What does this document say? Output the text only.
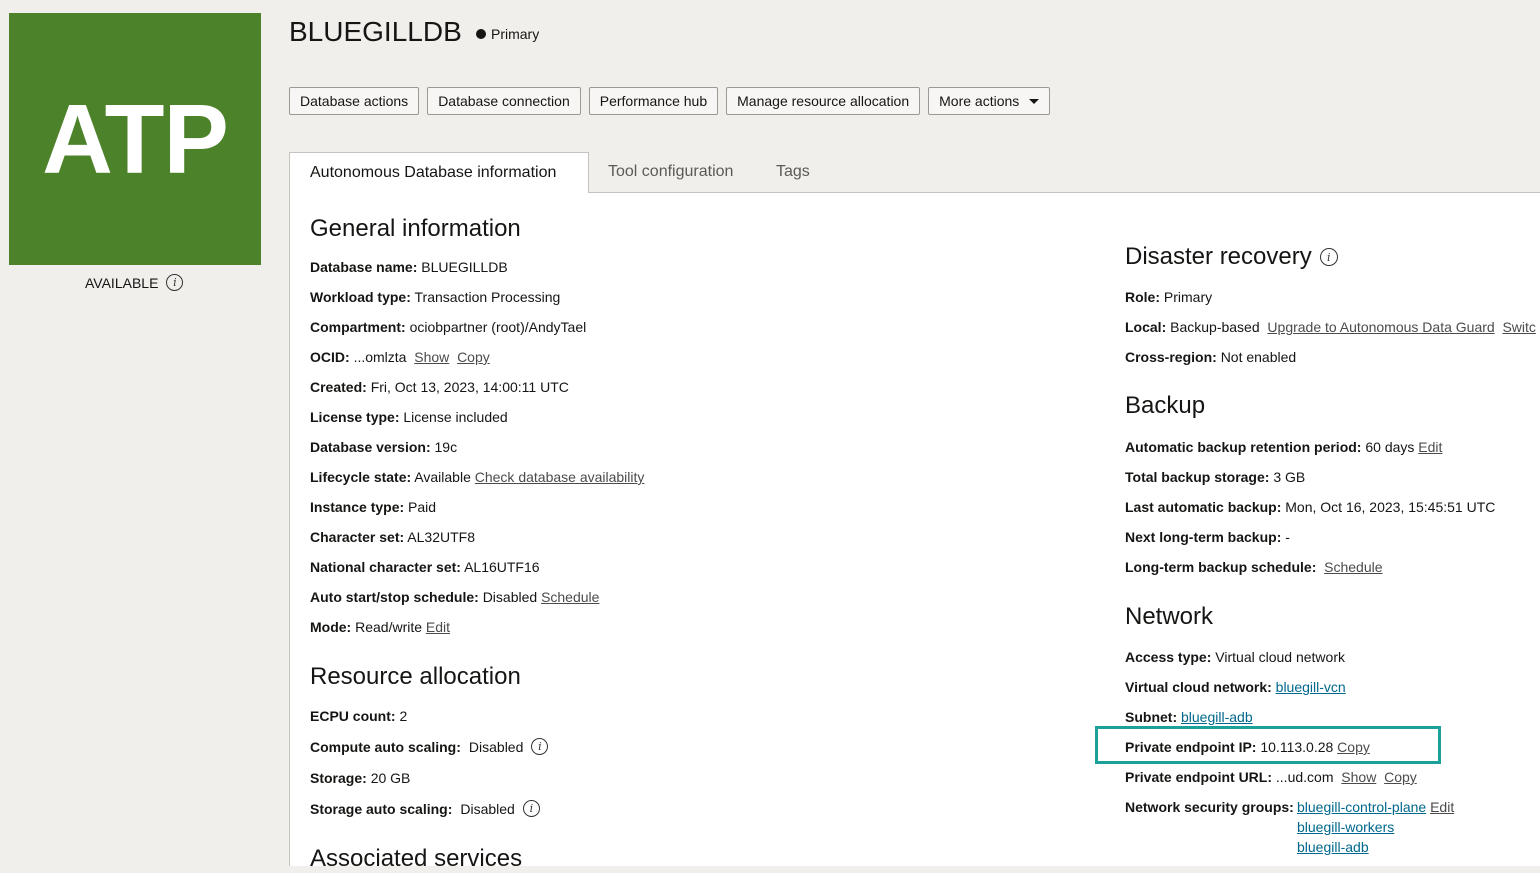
ATP
AVAILABLE	i
BLUEGILLDB Primary
Database actions	Database connection	Performance hub	Manage resource allocation	More actions
Autonomous Database information	Tool configuration	Tags
General information
Database name: BLUEGILLDB
Workload type: Transaction Processing
Compartment: ociobpartner (root)/AndyTael
OCID: ...omlzta Show Copy
Created: Fri, Oct 13, 2023, 14:00:11 UTC
License type: License included
Database version: 19c
Lifecycle state: Available Check database availability
Instance type: Paid
Character set: AL32UTF8
National character set: AL16UTF16
Auto start/stop schedule: Disabled Schedule
Mode: Read/write Edit
Resource allocation
ECPU count: 2
Compute auto scaling: Disabled	i
Storage: 20 GB
Storage auto scaling: Disabled	i
Associated services
Disaster recovery	i
Role: Primary
Local: Backup-based Upgrade to Autonomous Data Guard Switc
Cross-region: Not enabled
Backup
Automatic backup retention period: 60 days Edit
Total backup storage: 3 GB
Last automatic backup: Mon, Oct 16, 2023, 15:45:51 UTC
Next long-term backup: -
Long-term backup schedule: Schedule
Network
Access type: Virtual cloud network
Virtual cloud network: bluegill-vcn
Subnet: bluegill-adb
Private endpoint IP: 10.113.0.28 Copy
Private endpoint URL: ...ud.com Show Copy
Network security groups: bluegill-control-plane Edit
bluegill-workers
bluegill-adb
